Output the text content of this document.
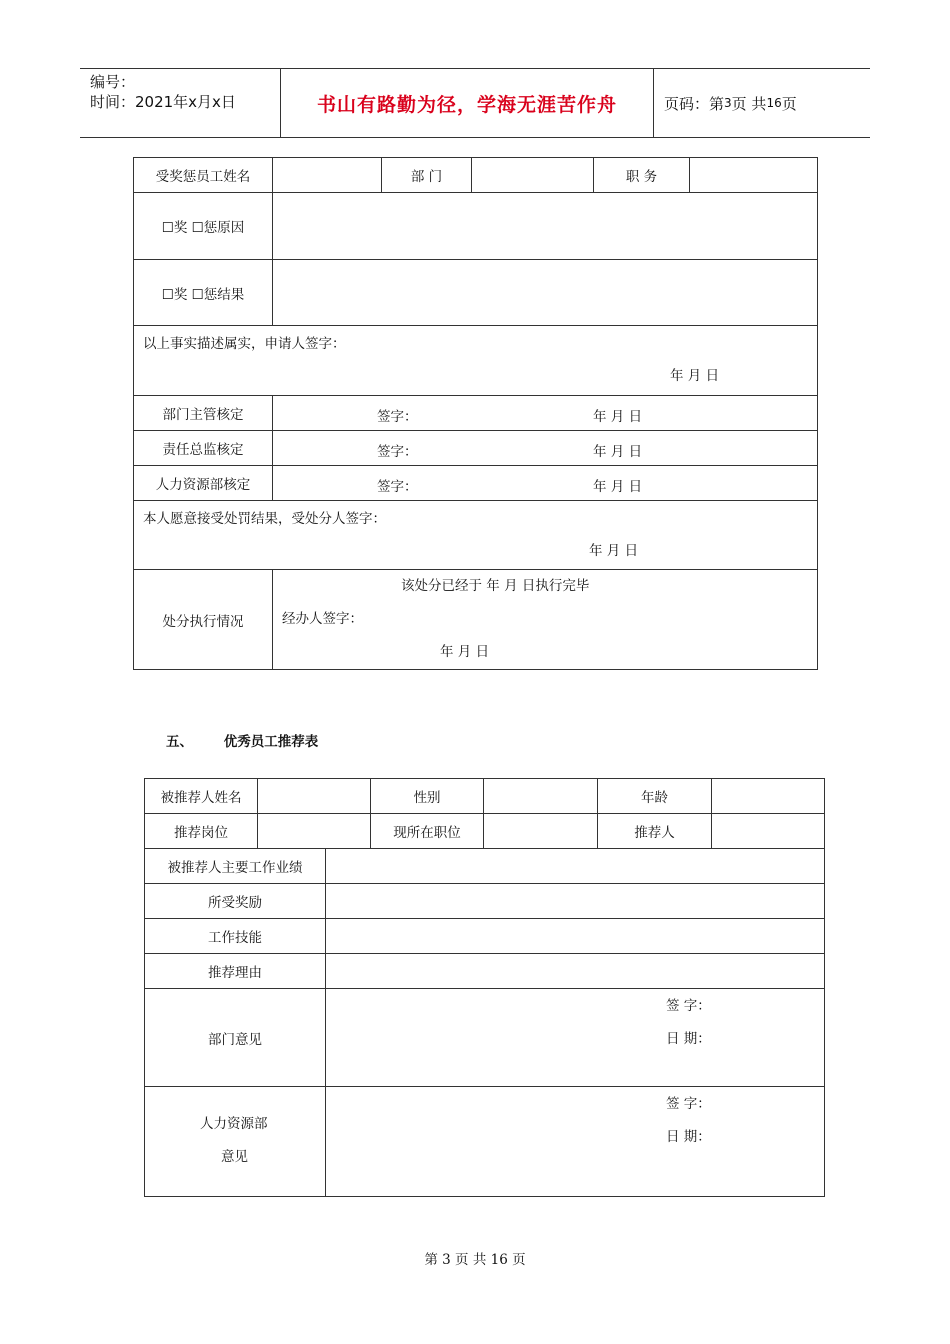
编号：
时间：2021年x月x日	书山有路勤为径，学海无涯苦作舟	页码：第 3 页 共 16 页
受奖惩员工姓名		部 门		职 务	
☐奖 ☐惩原因					
☐奖 ☐惩结果					

以上事实描述属实，申请人签字：
年 月 日					

部门主管核定	签字： 年 月 日				

责任总监核定	签字： 年 月 日				

人力资源部核定	签字： 年 月 日				

本人愿意接受处罚结果，受处分人签字：
年 月 日					

处分执行情况	该处分已经于 年 月 日执行完毕
经办人签字：
年 月 日				
五、 优秀员工推荐表
被推荐人姓名			性别		年龄	
推荐岗位			现所在职位		推荐人	
被推荐人主要工作业绩						
所受奖励						
工作技能						
推荐理由						
部门意见		签 字：
日 期：				

人力资源部
意见		签 字：
日 期：				
第 3 页 共 16 页
